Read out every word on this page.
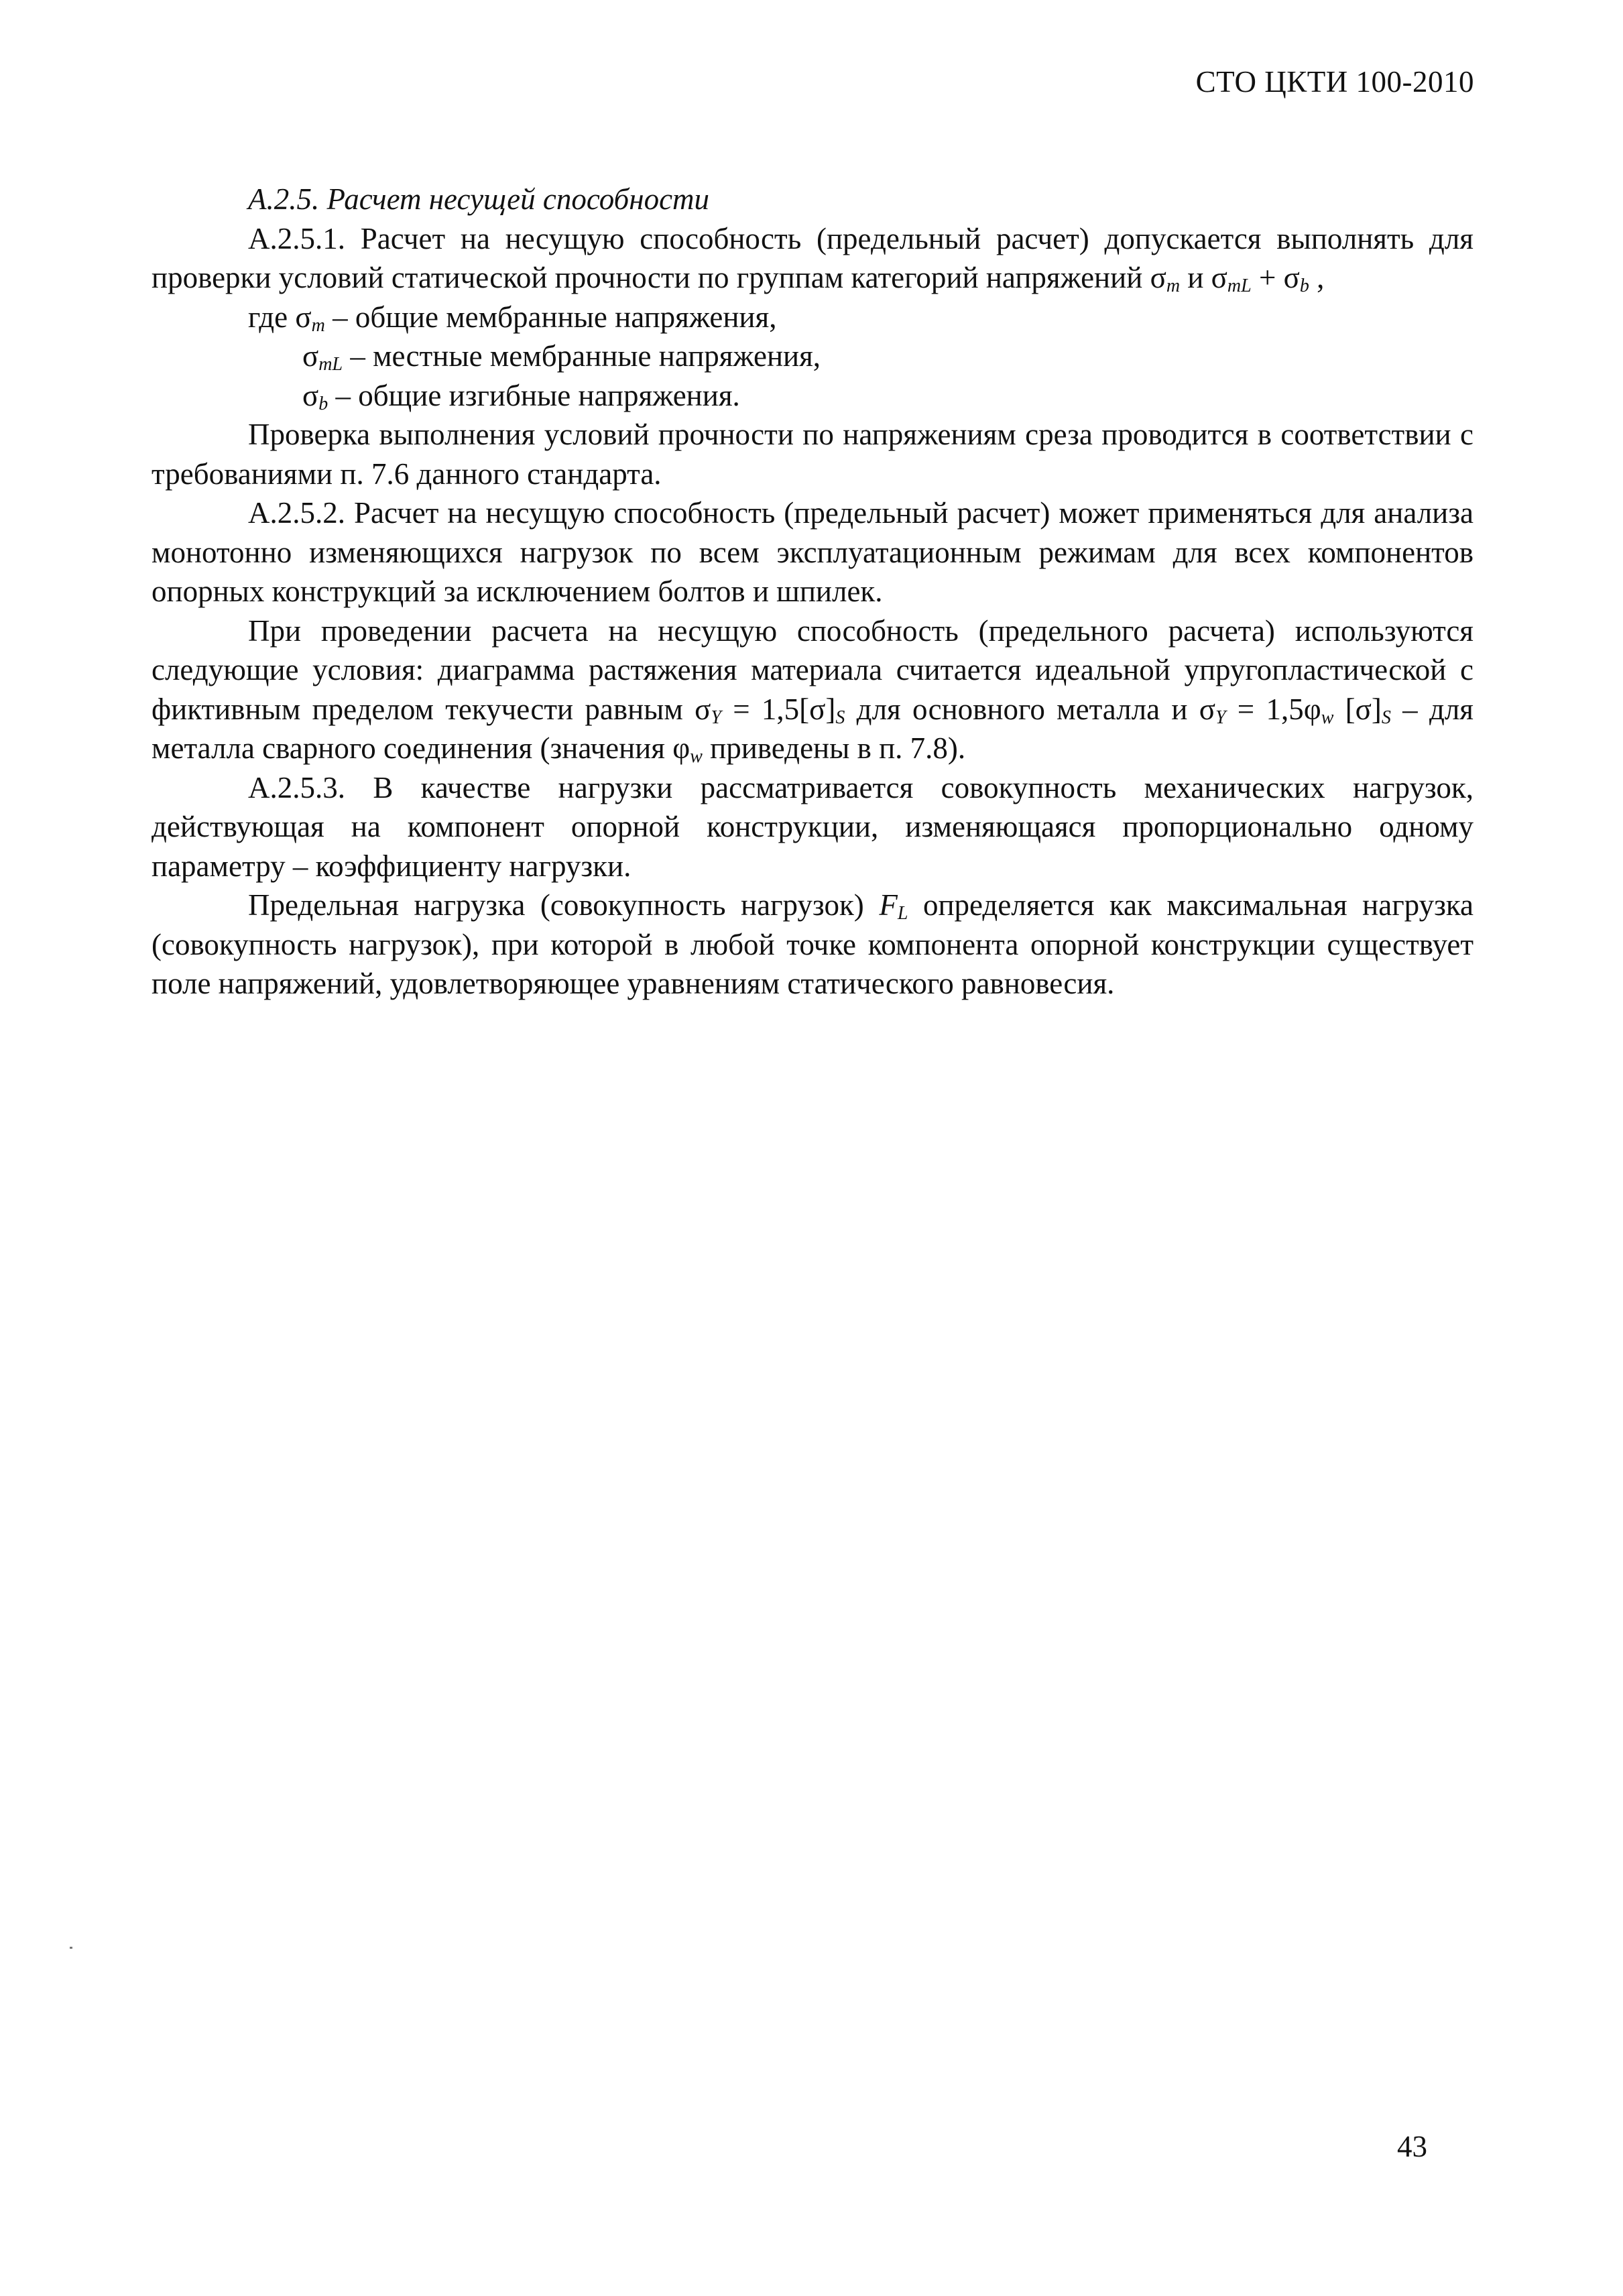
СТО ЦКТИ 100-2010
А.2.5. Расчет несущей способности

А.2.5.1. Расчет на несущую способность (предельный расчет) допускается выполнять для проверки условий статической прочности по группам категорий напряжений $\sigma_m$ и $\sigma_{mL} + \sigma_b$ ,

где $\sigma_m$ – общие мембранные напряжения,
$\sigma_{mL}$ – местные мембранные напряжения,
$\sigma_b$ – общие изгибные напряжения.

Проверка выполнения условий прочности по напряжениям среза проводится в соответствии с требованиями п. 7.6 данного стандарта.

А.2.5.2. Расчет на несущую способность (предельный расчет) может применяться для анализа монотонно изменяющихся нагрузок по всем эксплуатационным режимам для всех компонентов опорных конструкций за исключением болтов и шпилек.

При проведении расчета на несущую способность (предельного расчета) используются следующие условия: диаграмма растяжения материала считается идеальной упругопластической с фиктивным пределом текучести равным $\sigma_Y = 1,5[\sigma]_S$ для основного металла и $\sigma_Y = 1,5\varphi_w$ $[\sigma]_S$ – для металла сварного соединения (значения $\varphi_w$ приведены в п. 7.8).

А.2.5.3. В качестве нагрузки рассматривается совокупность механических нагрузок, действующая на компонент опорной конструкции, изменяющаяся пропорционально одному параметру – коэффициенту нагрузки.

Предельная нагрузка (совокупность нагрузок) $F_L$ определяется как максимальная нагрузка (совокупность нагрузок), при которой в любой точке компонента опорной конструкции существует поле напряжений, удовлетворяющее уравнениям статического равновесия.

43
